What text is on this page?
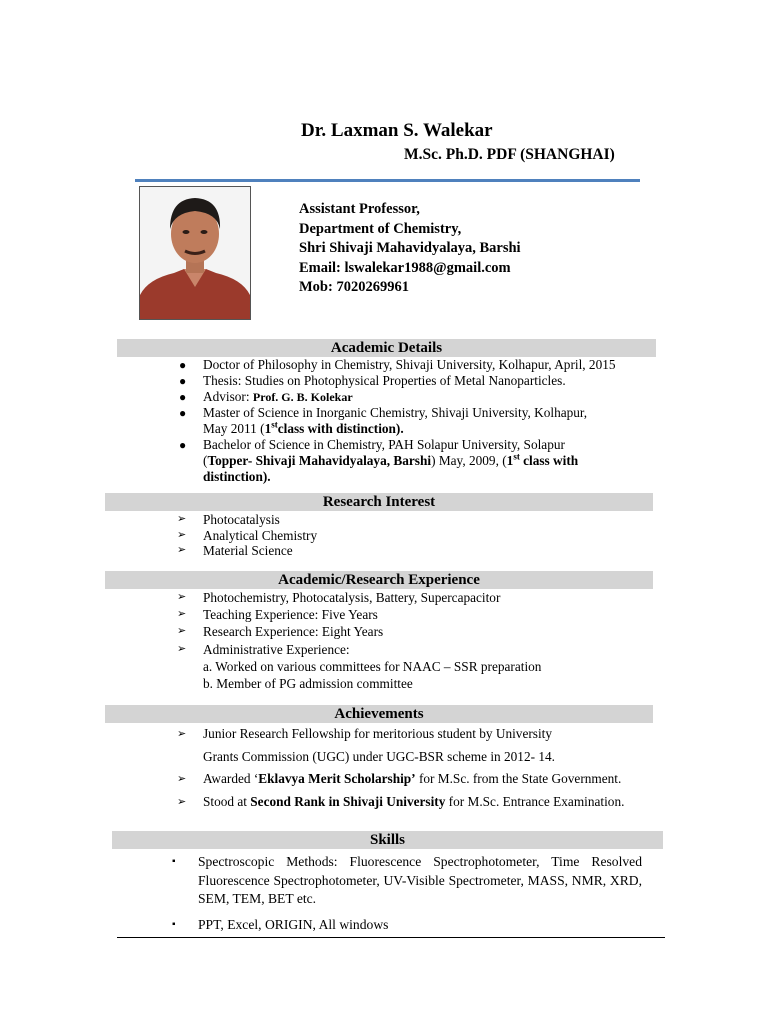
Dr. Laxman S. Walekar
M.Sc. Ph.D. PDF (SHANGHAI)
Assistant Professor,
Department of Chemistry,
Shri Shivaji Mahavidyalaya, Barshi
Email: lswalekar1988@gmail.com
Mob: 7020269961
Academic Details
● Doctor of Philosophy in Chemistry, Shivaji University, Kolhapur, April, 2015
● Thesis: Studies on Photophysical Properties of Metal Nanoparticles.
● Advisor: Prof. G. B. Kolekar
● Master of Science in Inorganic Chemistry, Shivaji University, Kolhapur,
May 2011 (1stclass with distinction).
● Bachelor of Science in Chemistry, PAH Solapur University, Solapur
(Topper- Shivaji Mahavidyalaya, Barshi) May, 2009, (1st class with
distinction).
Research Interest
➢ Photocatalysis
➢ Analytical Chemistry
➢ Material Science
Academic/Research Experience
➢ Photochemistry, Photocatalysis, Battery, Supercapacitor
➢ Teaching Experience: Five Years
➢ Research Experience: Eight Years
➢ Administrative Experience:
a. Worked on various committees for NAAC – SSR preparation
b. Member of PG admission committee
Achievements
➢ Junior Research Fellowship for meritorious student by University
Grants Commission (UGC) under UGC-BSR scheme in 2012- 14.
➢ Awarded ‘Eklavya Merit Scholarship’ for M.Sc. from the State Government.
➢ Stood at Second Rank in Shivaji University for M.Sc. Entrance Examination.
Skills
▪ Spectroscopic Methods: Fluorescence Spectrophotometer, Time Resolved Fluorescence Spectrophotometer, UV-Visible Spectrometer, MASS, NMR, XRD, SEM, TEM, BET etc.
▪ PPT, Excel, ORIGIN, All windows
